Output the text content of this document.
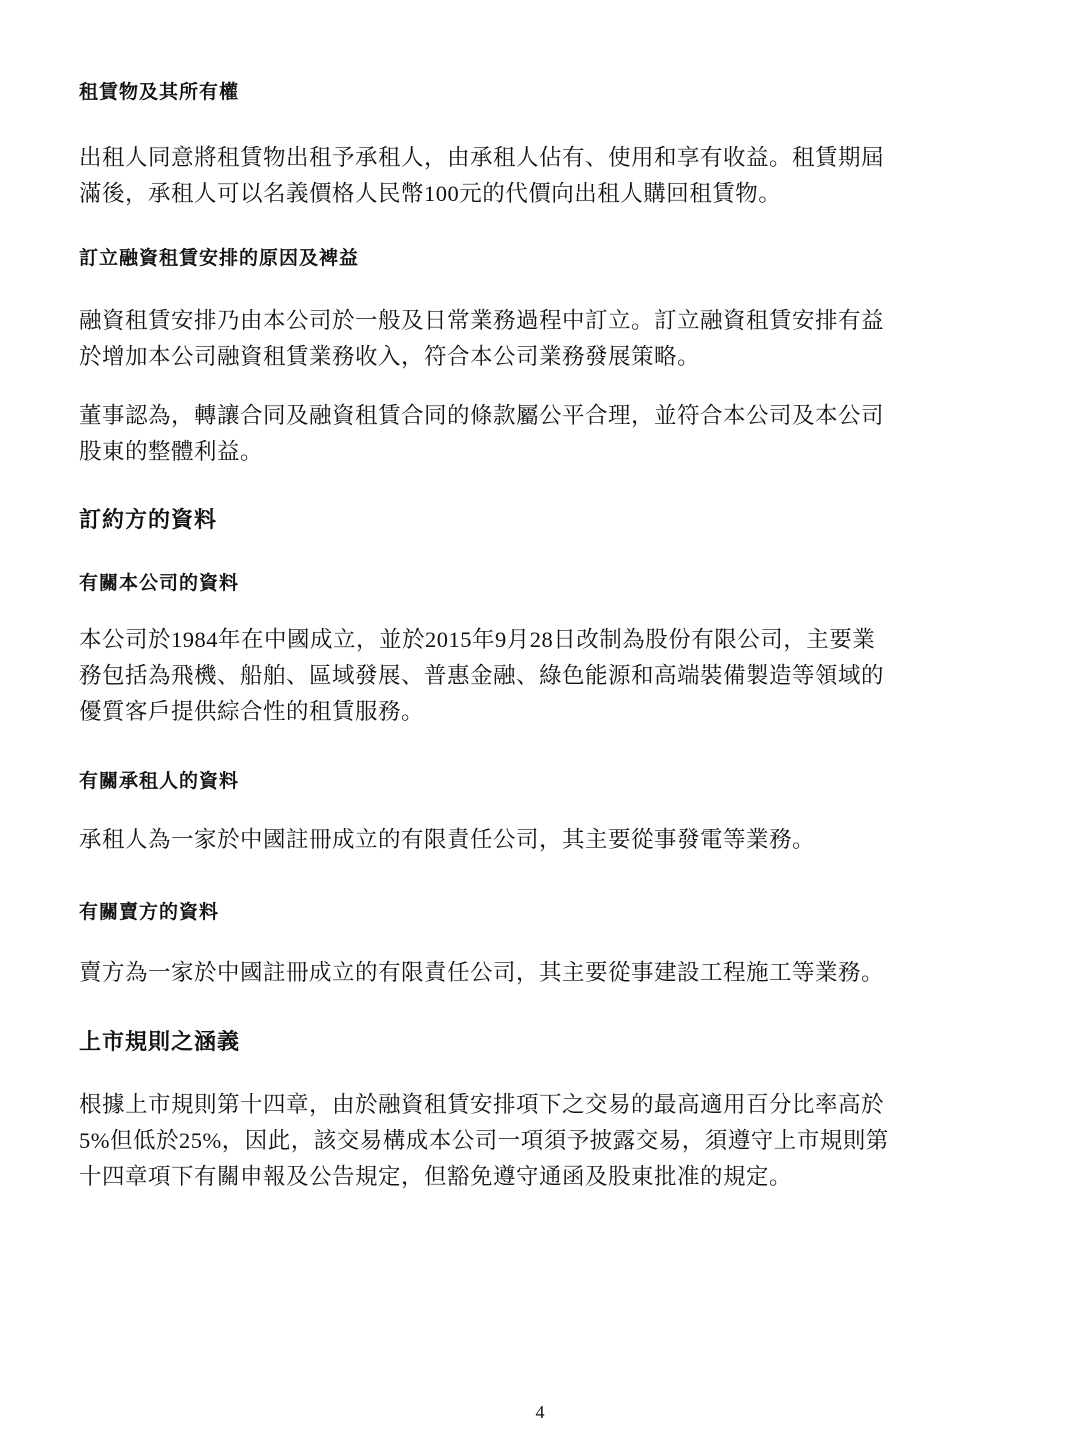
租賃物及其所有權
出租人同意將租賃物出租予承租人，由承租人佔有、使用和享有收益。租賃期屆
滿後，承租人可以名義價格人民幣100元的代價向出租人購回租賃物。
訂立融資租賃安排的原因及裨益
融資租賃安排乃由本公司於一般及日常業務過程中訂立。訂立融資租賃安排有益
於增加本公司融資租賃業務收入，符合本公司業務發展策略。
董事認為，轉讓合同及融資租賃合同的條款屬公平合理，並符合本公司及本公司
股東的整體利益。
訂約方的資料
有關本公司的資料
本公司於1984年在中國成立，並於2015年9月28日改制為股份有限公司，主要業
務包括為飛機、船舶、區域發展、普惠金融、綠色能源和高端裝備製造等領域的
優質客戶提供綜合性的租賃服務。
有關承租人的資料
承租人為一家於中國註冊成立的有限責任公司，其主要從事發電等業務。
有關賣方的資料
賣方為一家於中國註冊成立的有限責任公司，其主要從事建設工程施工等業務。
上市規則之涵義
根據上市規則第十四章，由於融資租賃安排項下之交易的最高適用百分比率高於
5%但低於25%，因此，該交易構成本公司一項須予披露交易，須遵守上市規則第
十四章項下有關申報及公告規定，但豁免遵守通函及股東批准的規定。
4
